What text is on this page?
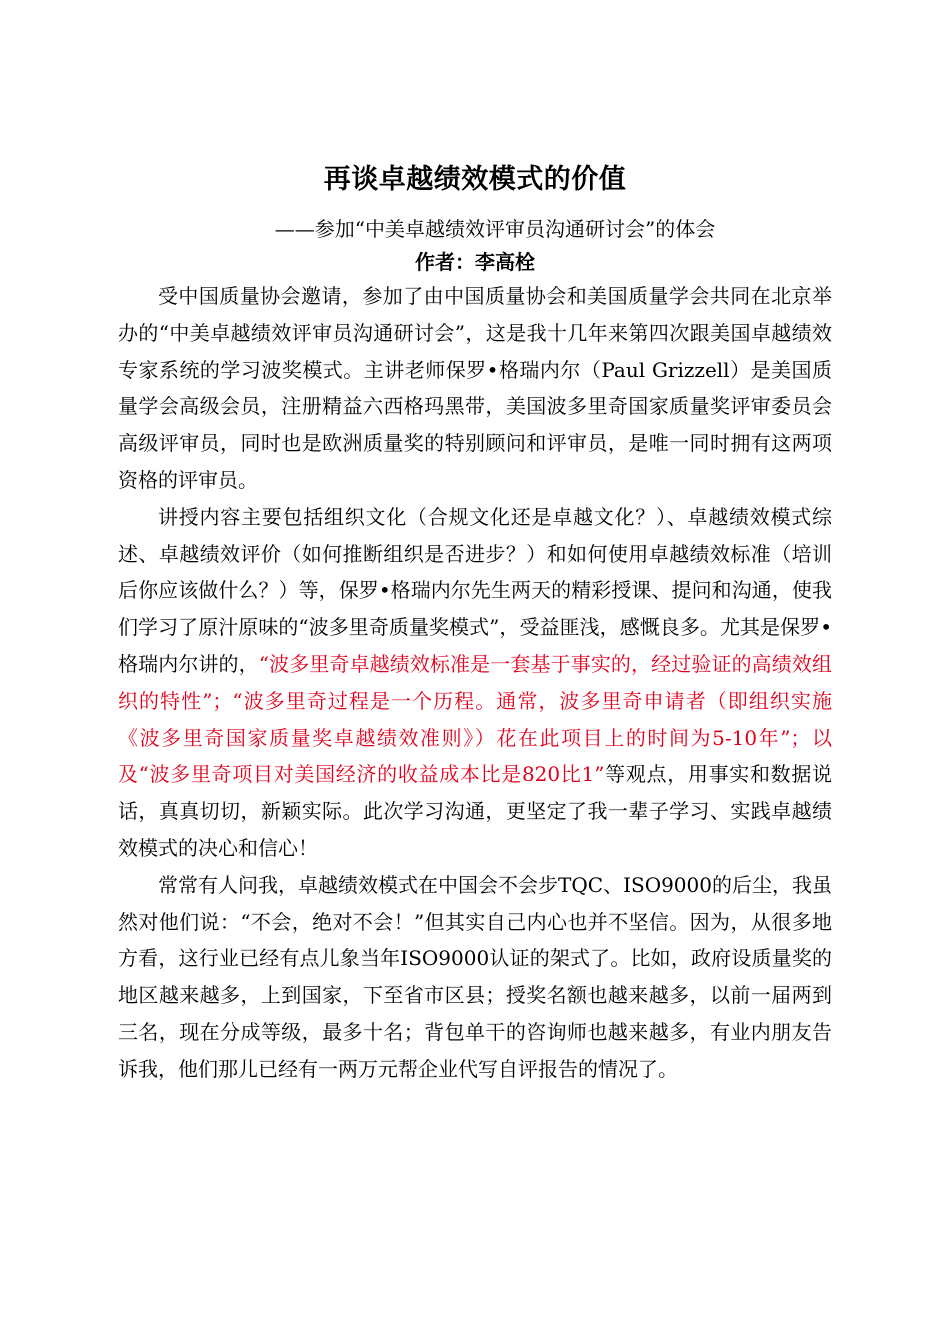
再谈卓越绩效模式的价值

——参加“中美卓越绩效评审员沟通研讨会”的体会

作者：李高栓

受中国质量协会邀请，参加了由中国质量协会和美国质量学会共同在北京举办的“中美卓越绩效评审员沟通研讨会”，这是我十几年来第四次跟美国卓越绩效专家系统的学习波奖模式。主讲老师保罗•格瑞内尔（Paul Grizzell）是美国质量学会高级会员，注册精益六西格玛黑带，美国波多里奇国家质量奖评审委员会高级评审员，同时也是欧洲质量奖的特别顾问和评审员，是唯一同时拥有这两项资格的评审员。

讲授内容主要包括组织文化（合规文化还是卓越文化？）、卓越绩效模式综述、卓越绩效评价（如何推断组织是否进步？）和如何使用卓越绩效标准（培训后你应该做什么？）等，保罗•格瑞内尔先生两天的精彩授课、提问和沟通，使我们学习了原汁原味的“波多里奇质量奖模式”，受益匪浅，感慨良多。尤其是保罗•格瑞内尔讲的，“波多里奇卓越绩效标准是一套基于事实的，经过验证的高绩效组织的特性”；“波多里奇过程是一个历程。通常，波多里奇申请者（即组织实施《波多里奇国家质量奖卓越绩效准则》）花在此项目上的时间为5-10年”；以及“波多里奇项目对美国经济的收益成本比是820比1”等观点，用事实和数据说话，真真切切，新颖实际。此次学习沟通，更坚定了我一辈子学习、实践卓越绩效模式的决心和信心！

常常有人问我，卓越绩效模式在中国会不会步TQC、ISO9000的后尘，我虽然对他们说：“不会，绝对不会！”但其实自己内心也并不坚信。因为，从很多地方看，这行业已经有点儿象当年ISO9000认证的架式了。比如，政府设质量奖的地区越来越多，上到国家，下至省市区县；授奖名额也越来越多，以前一届两到三名，现在分成等级，最多十名；背包单干的咨询师也越来越多，有业内朋友告诉我，他们那儿已经有一两万元帮企业代写自评报告的情况了。
